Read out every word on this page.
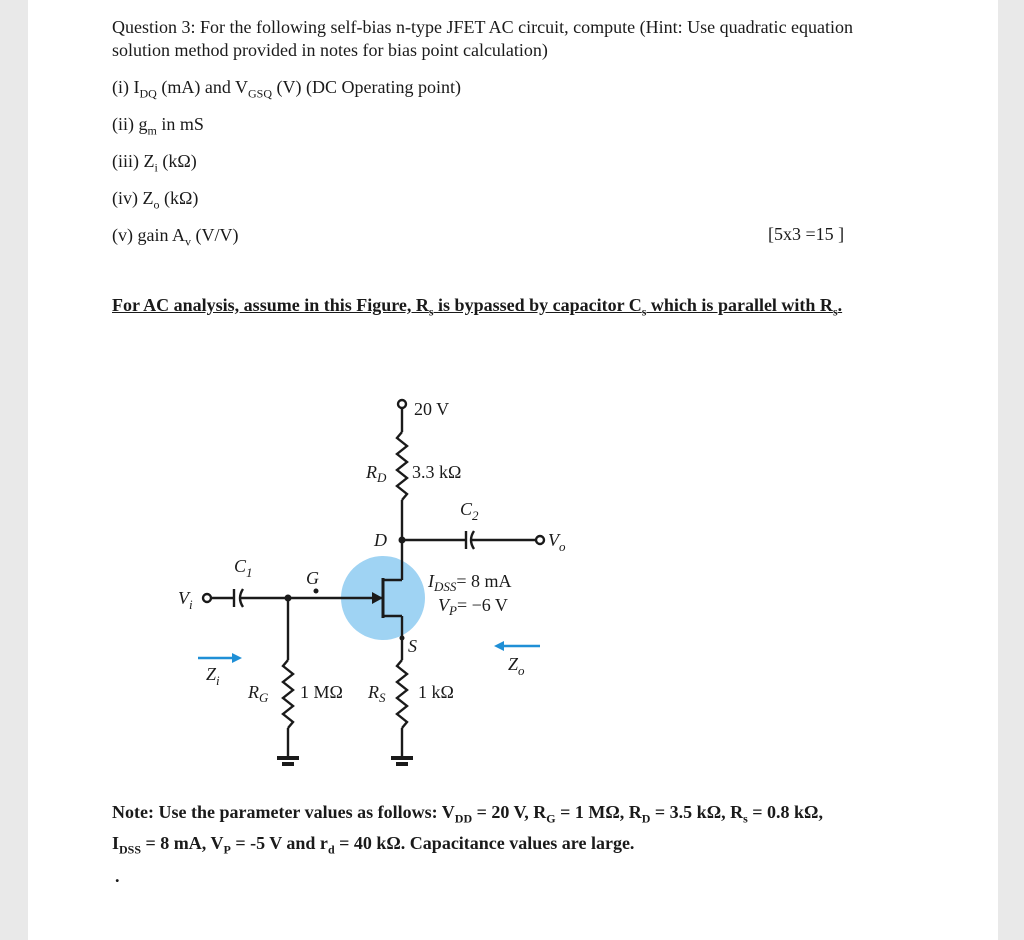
Question 3: For the following self-bias n-type JFET AC circuit, compute (Hint: Use quadratic equation solution method provided in notes for bias point calculation)
(i) $I_{DQ}$ (mA) and $V_{GSQ}$ (V) (DC Operating point)
(ii) $g_m$ in mS
(iii) $Z_i$ (kΩ)
(iv) $Z_o$ (kΩ)
(v) gain $A_v$ (V/V)	[5x3 =15 ]
For AC analysis, assume in this Figure, $R_s$ is bypassed by capacitor $C_s$ which is parallel with $R_s$.
20 V
$R_D$ 3.3 kΩ
$C_2$
D	$V_o$
$C_1$
$V_i$
G	$I_{DSS}= 8$ mA
$V_P= -6$ V
S
$Z_i$
$Z_o$
$R_G$ 1 MΩ $R_S$ 1 kΩ
Note: Use the parameter values as follows: $V_{DD} = 20$ V, $R_G = 1$ MΩ, $R_D = 3.5$ kΩ, $R_s = 0.8$ kΩ,
$I_{DSS} = 8$ mA, $V_P = -5$ V and $r_d = 40$ kΩ. Capacitance values are large.
.
